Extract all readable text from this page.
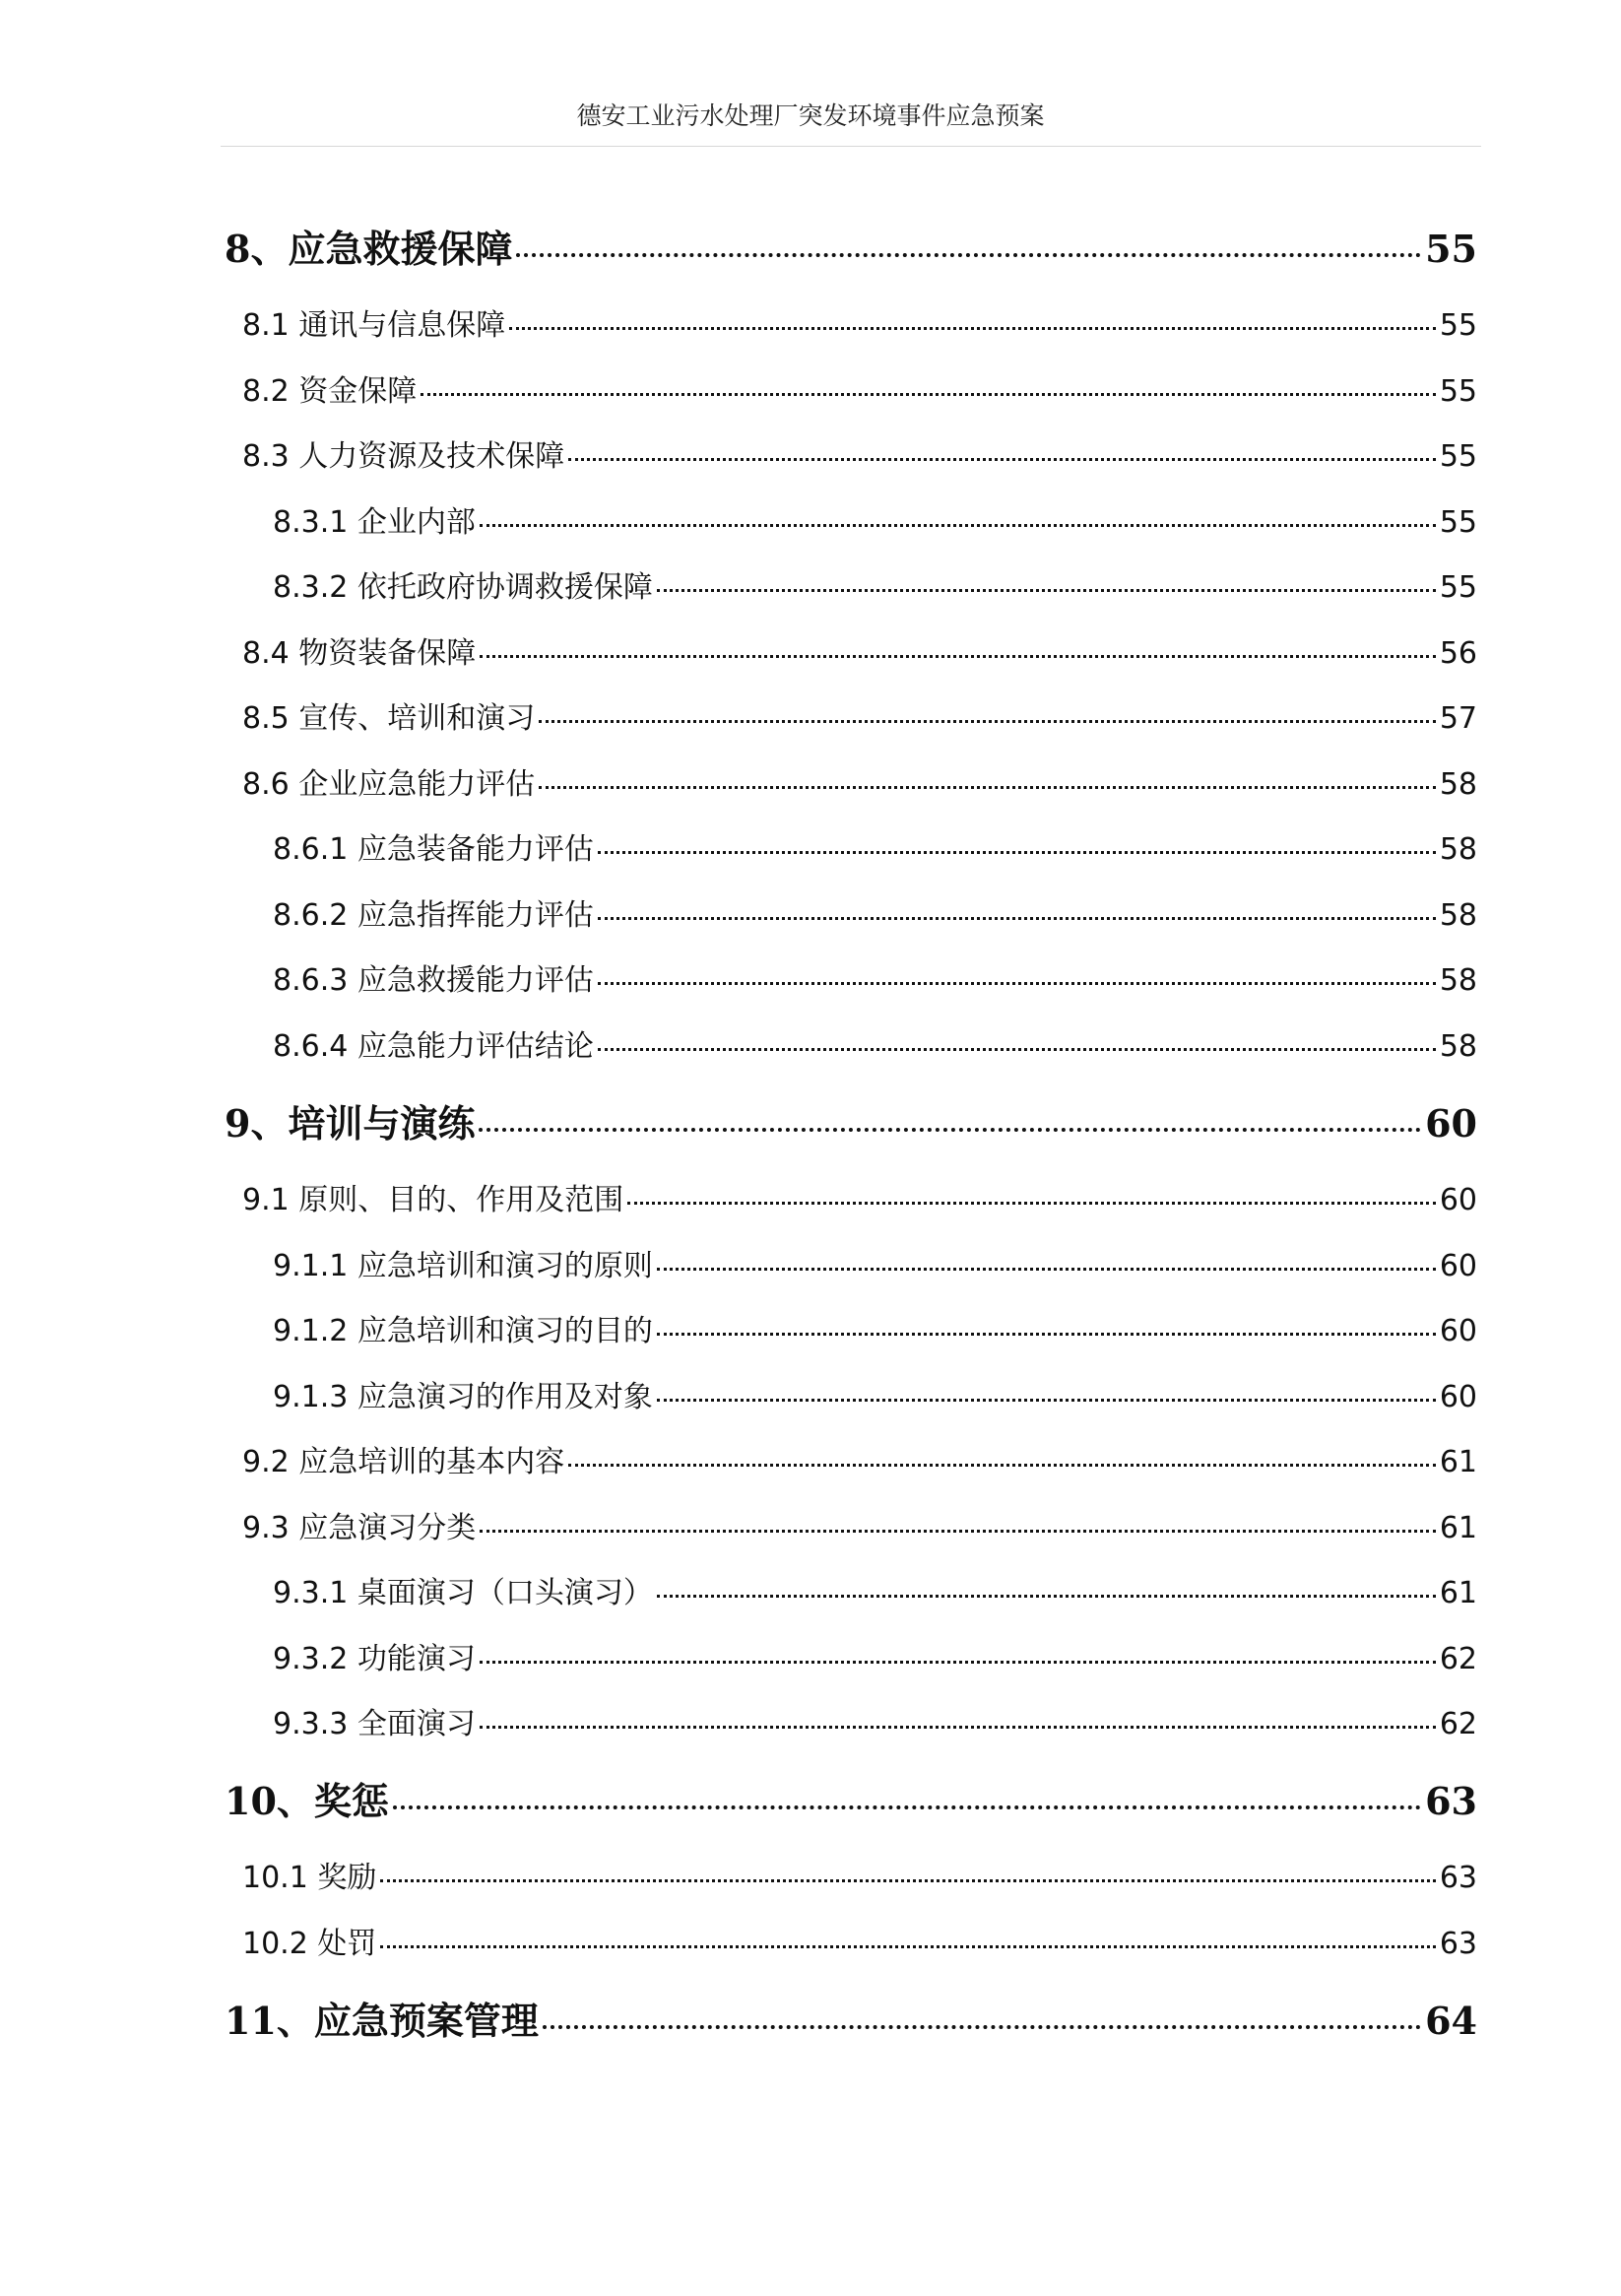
德安工业污水处理厂突发环境事件应急预案
8、应急救援保障	55
8.1 通讯与信息保障	55
8.2 资金保障	55
8.3 人力资源及技术保障	55
8.3.1 企业内部	55
8.3.2 依托政府协调救援保障	55
8.4 物资装备保障	56
8.5 宣传、培训和演习	57
8.6 企业应急能力评估	58
8.6.1 应急装备能力评估	58
8.6.2 应急指挥能力评估	58
8.6.3 应急救援能力评估	58
8.6.4 应急能力评估结论	58
9、培训与演练	60
9.1 原则、目的、作用及范围	60
9.1.1 应急培训和演习的原则	60
9.1.2 应急培训和演习的目的	60
9.1.3 应急演习的作用及对象	60
9.2 应急培训的基本内容	61
9.3 应急演习分类	61
9.3.1 桌面演习（口头演习）	61
9.3.2 功能演习	62
9.3.3 全面演习	62
10、奖惩	63
10.1 奖励	63
10.2 处罚	63
11、应急预案管理	64
